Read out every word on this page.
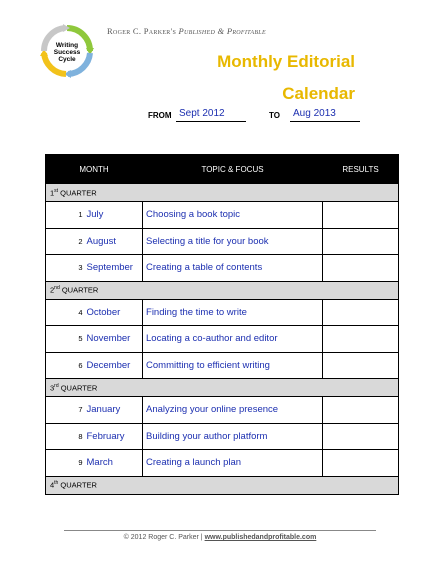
Writing
Success
Cycle
Roger C. Parker's Published & Profitable
Monthly Editorial
Calendar
FROM Sept 2012	TO	Aug 2013
MONTH		TOPIC & FOCUS	RESULTS
1st QUARTER			
1	July	Choosing a book topic	
2	August	Selecting a title for your book	
3	September	Creating a table of contents	
2nd QUARTER			
4	October	Finding the time to write	
5	November	Locating a co-author and editor	
6	December	Committing to efficient writing	
3rd QUARTER			
7	January	Analyzing your online presence	
8	February	Building your author platform	
9	March	Creating a launch plan	
4th QUARTER			
© 2012 Roger C. Parker | www.publishedandprofitable.com
